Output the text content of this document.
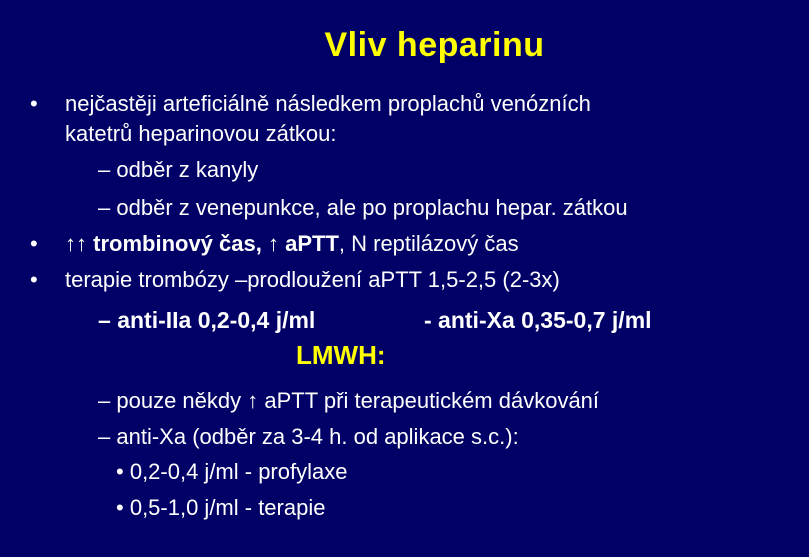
Vliv heparinu
• nejčastěji arteficiálně následkem proplachů venózních
katetrů heparinovou zátkou:
– odběr z kanyly
– odběr z venepunkce, ale po proplachu hepar. zátkou
• ↑↑ trombinový čas, ↑ aPTT, N reptilázový čas
• terapie trombózy –prodloužení aPTT 1,5-2,5 (2-3x)
– anti-IIa 0,2-0,4 j/ml	- anti-Xa 0,35-0,7 j/ml
LMWH:
– pouze někdy ↑ aPTT při terapeutickém dávkování
– anti-Xa (odběr za 3-4 h. od aplikace s.c.):
• 0,2-0,4 j/ml - profylaxe
• 0,5-1,0 j/ml - terapie
